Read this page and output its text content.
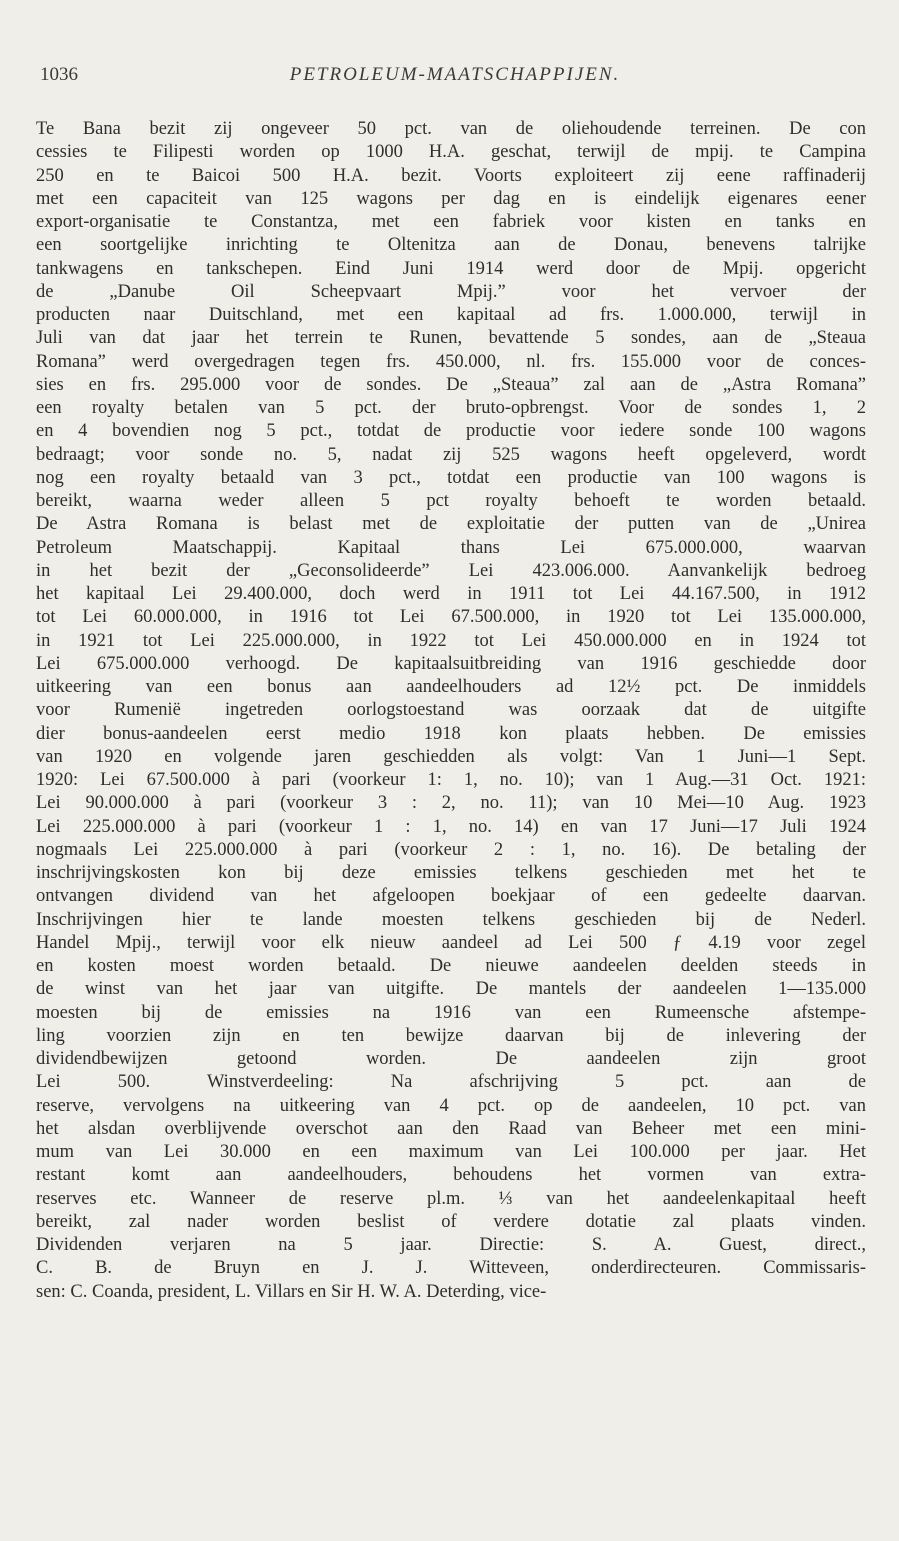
1036	PETROLEUM-MAATSCHAPPIJEN.
Te Bana bezit zij ongeveer 50 pct. van de oliehoudende terreinen. De con
cessies te Filipesti worden op 1000 H.A. geschat, terwijl de mpij. te Campina
250 en te Baicoi 500 H.A. bezit. Voorts exploiteert zij eene raffinaderij
met een capaciteit van 125 wagons per dag en is eindelijk eigenares eener
export-organisatie te Constantza, met een fabriek voor kisten en tanks en
een soortgelijke inrichting te Oltenitza aan de Donau, benevens talrijke
tankwagens en tankschepen. Eind Juni 1914 werd door de Mpij. opgericht
de „Danube Oil Scheepvaart Mpij.” voor het vervoer der
producten naar Duitschland, met een kapitaal ad frs. 1.000.000, terwijl in
Juli van dat jaar het terrein te Runen, bevattende 5 sondes, aan de „Steaua
Romana” werd overgedragen tegen frs. 450.000, nl. frs. 155.000 voor de conces-
sies en frs. 295.000 voor de sondes. De „Steaua” zal aan de „Astra Romana”
een royalty betalen van 5 pct. der bruto-opbrengst. Voor de sondes 1, 2
en 4 bovendien nog 5 pct., totdat de productie voor iedere sonde 100 wagons
bedraagt; voor sonde no. 5, nadat zij 525 wagons heeft opgeleverd, wordt
nog een royalty betaald van 3 pct., totdat een productie van 100 wagons is
bereikt, waarna weder alleen 5 pct royalty behoeft te worden betaald.
De Astra Romana is belast met de exploitatie der putten van de „Unirea
Petroleum Maatschappij. Kapitaal thans Lei 675.000.000, waarvan
in het bezit der „Geconsolideerde” Lei 423.006.000. Aanvankelijk bedroeg
het kapitaal Lei 29.400.000, doch werd in 1911 tot Lei 44.167.500, in 1912
tot Lei 60.000.000, in 1916 tot Lei 67.500.000, in 1920 tot Lei 135.000.000,
in 1921 tot Lei 225.000.000, in 1922 tot Lei 450.000.000 en in 1924 tot
Lei 675.000.000 verhoogd. De kapitaalsuitbreiding van 1916 geschiedde door
uitkeering van een bonus aan aandeelhouders ad 12½ pct. De inmiddels
voor Rumenië ingetreden oorlogstoestand was oorzaak dat de uitgifte
dier bonus-aandeelen eerst medio 1918 kon plaats hebben. De emissies
van 1920 en volgende jaren geschiedden als volgt: Van 1 Juni—1 Sept.
1920: Lei 67.500.000 à pari (voorkeur 1: 1, no. 10); van 1 Aug.—31 Oct. 1921:
Lei 90.000.000 à pari (voorkeur 3 : 2, no. 11); van 10 Mei—10 Aug. 1923
Lei 225.000.000 à pari (voorkeur 1 : 1, no. 14) en van 17 Juni—17 Juli 1924
nogmaals Lei 225.000.000 à pari (voorkeur 2 : 1, no. 16). De betaling der
inschrijvingskosten kon bij deze emissies telkens geschieden met het te
ontvangen dividend van het afgeloopen boekjaar of een gedeelte daarvan.
Inschrijvingen hier te lande moesten telkens geschieden bij de Nederl.
Handel Mpij., terwijl voor elk nieuw aandeel ad Lei 500 ƒ 4.19 voor zegel
en kosten moest worden betaald. De nieuwe aandeelen deelden steeds in
de winst van het jaar van uitgifte. De mantels der aandeelen 1—135.000
moesten bij de emissies na 1916 van een Rumeensche afstempe-
ling voorzien zijn en ten bewijze daarvan bij de inlevering der
dividendbewijzen getoond worden. De aandeelen zijn groot
Lei 500. Winstverdeeling: Na afschrijving 5 pct. aan de
reserve, vervolgens na uitkeering van 4 pct. op de aandeelen, 10 pct. van
het alsdan overblijvende overschot aan den Raad van Beheer met een mini-
mum van Lei 30.000 en een maximum van Lei 100.000 per jaar. Het
restant komt aan aandeelhouders, behoudens het vormen van extra-
reserves etc. Wanneer de reserve pl.m. ⅓ van het aandeelenkapitaal heeft
bereikt, zal nader worden beslist of verdere dotatie zal plaats vinden.
Dividenden verjaren na 5 jaar. Directie: S. A. Guest, direct.,
C. B. de Bruyn en J. J. Witteveen, onderdirecteuren. Commissaris-
sen: C. Coanda, president, L. Villars en Sir H. W. A. Deterding, vice-
